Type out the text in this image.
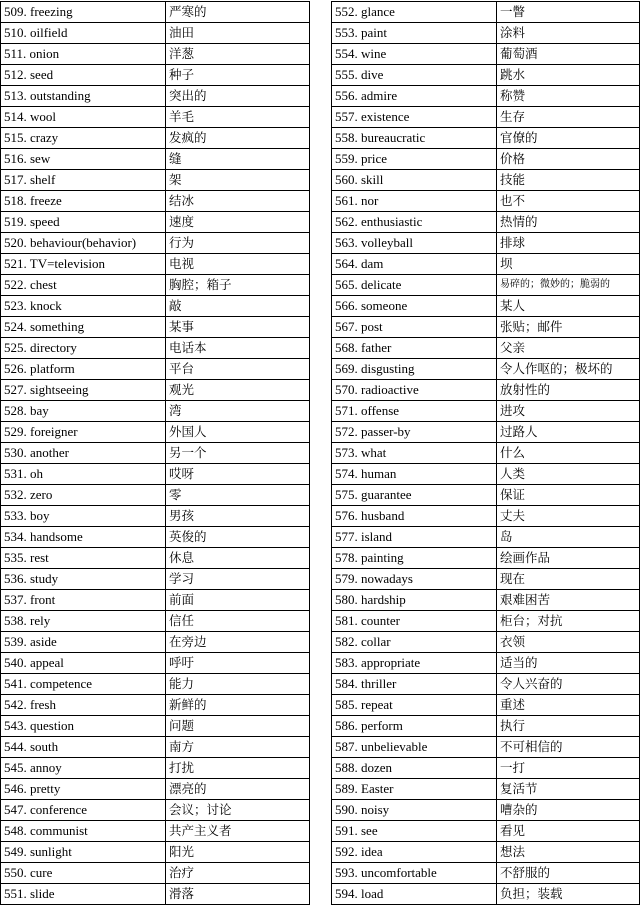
509. freezing	严寒的
510. oilfield	油田
511. onion	洋葱
512. seed	种子
513. outstanding	突出的
514. wool	羊毛
515. crazy	发疯的
516. sew	缝
517. shelf	架
518. freeze	结冰
519. speed	速度
520. behaviour(behavior)	行为
521. TV=television	电视
522. chest	胸腔；箱子
523. knock	敲
524. something	某事
525. directory	电话本
526. platform	平台
527. sightseeing	观光
528. bay	湾
529. foreigner	外国人
530. another	另一个
531. oh	哎呀
532. zero	零
533. boy	男孩
534. handsome	英俊的
535. rest	休息
536. study	学习
537. front	前面
538. rely	信任
539. aside	在旁边
540. appeal	呼吁
541. competence	能力
542. fresh	新鲜的
543. question	问题
544. south	南方
545. annoy	打扰
546. pretty	漂亮的
547. conference	会议；讨论
548. communist	共产主义者
549. sunlight	阳光
550. cure	治疗
551. slide	滑落
552. glance	一瞥
553. paint	涂料
554. wine	葡萄酒
555. dive	跳水
556. admire	称赞
557. existence	生存
558. bureaucratic	官僚的
559. price	价格
560. skill	技能
561. nor	也不
562. enthusiastic	热情的
563. volleyball	排球
564. dam	坝
565. delicate	易碎的；微妙的；脆弱的
566. someone	某人
567. post	张贴；邮件
568. father	父亲
569. disgusting	令人作呕的；极坏的
570. radioactive	放射性的
571. offense	进攻
572. passer-by	过路人
573. what	什么
574. human	人类
575. guarantee	保证
576. husband	丈夫
577. island	岛
578. painting	绘画作品
579. nowadays	现在
580. hardship	艰难困苦
581. counter	柜台；对抗
582. collar	衣领
583. appropriate	适当的
584. thriller	令人兴奋的
585. repeat	重述
586. perform	执行
587. unbelievable	不可相信的
588. dozen	一打
589. Easter	复活节
590. noisy	嘈杂的
591. see	看见
592. idea	想法
593. uncomfortable	不舒服的
594. load	负担；装载
